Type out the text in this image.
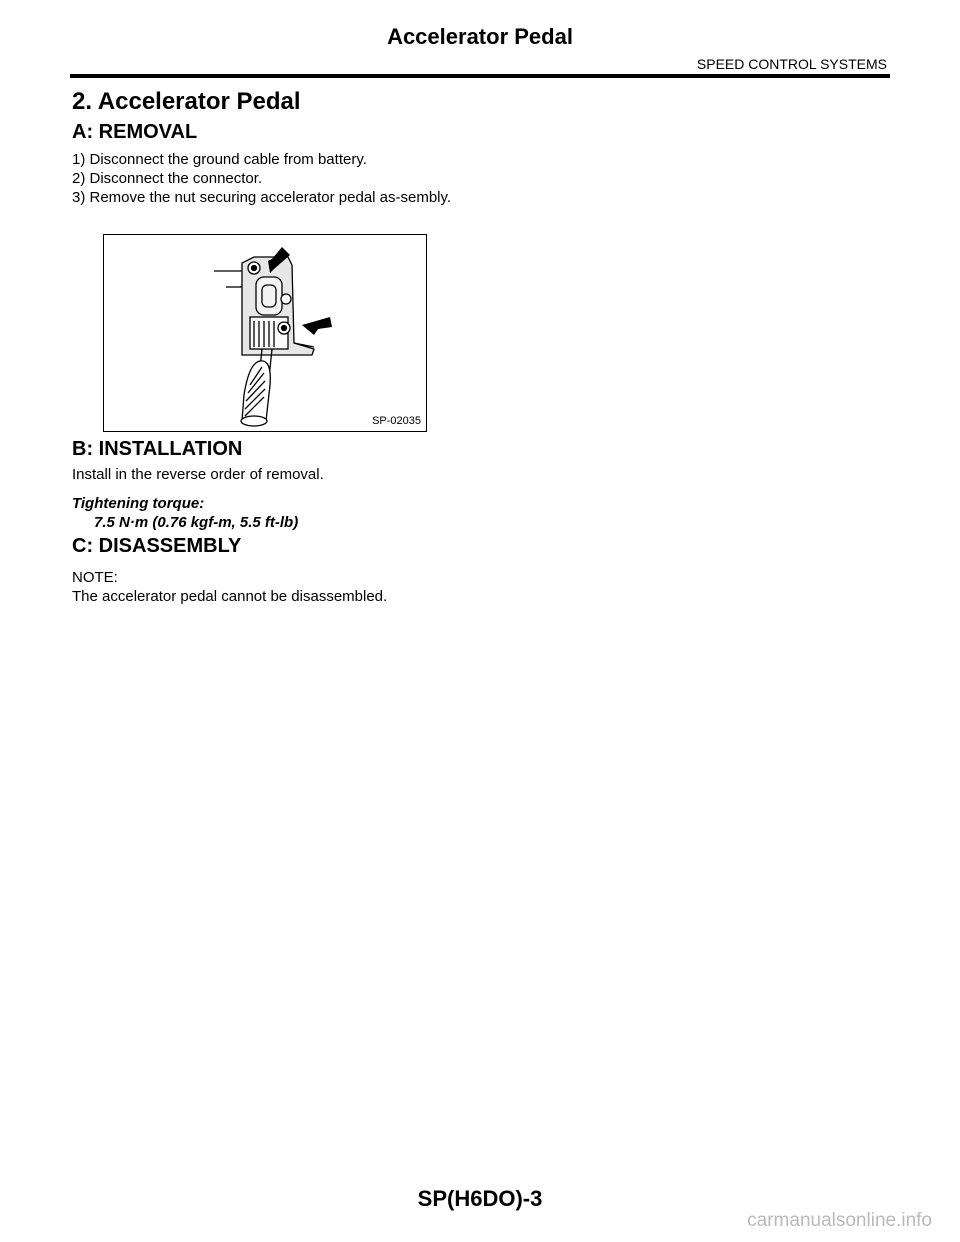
Accelerator Pedal
SPEED CONTROL SYSTEMS
2. Accelerator Pedal
A: REMOVAL
1) Disconnect the ground cable from battery.
2) Disconnect the connector.
3) Remove the nut securing accelerator pedal as-sembly.
SP-02035
B: INSTALLATION
Install in the reverse order of removal.
Tightening torque:
7.5 N·m (0.76 kgf-m, 5.5 ft-lb)
C: DISASSEMBLY
NOTE:
The accelerator pedal cannot be disassembled.
SP(H6DO)-3
carmanualsonline.info
